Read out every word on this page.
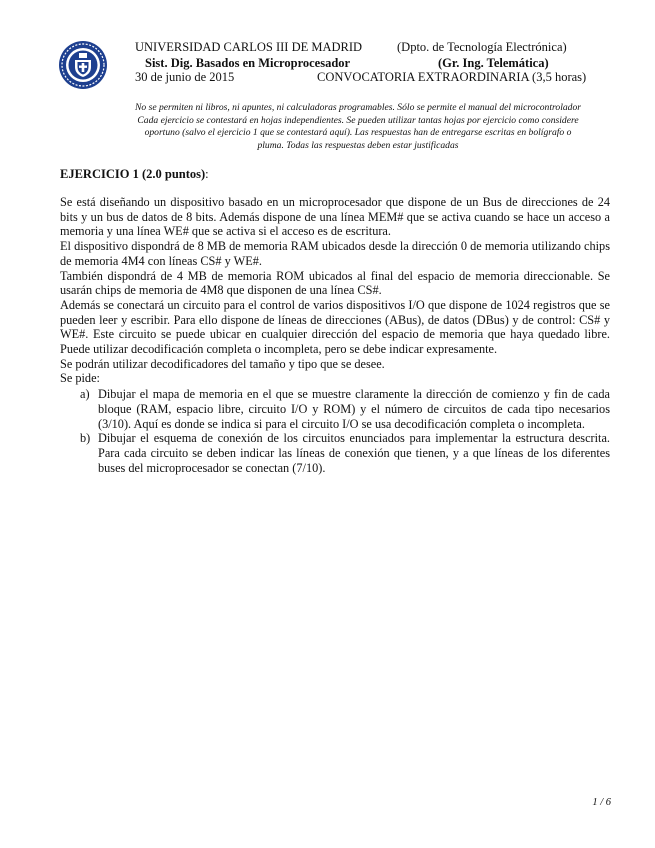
UNIVERSIDAD CARLOS III DE MADRID	(Dpto. de Tecnología Electrónica)
Sist. Dig. Basados en Microprocesador	(Gr. Ing. Telemática)
30 de junio de 2015	CONVOCATORIA EXTRAORDINARIA (3,5 horas)
No se permiten ni libros, ni apuntes, ni calculadoras programables. Sólo se permite el manual del microcontrolador
Cada ejercicio se contestará en hojas independientes. Se pueden utilizar tantas hojas por ejercicio como considere
oportuno (salvo el ejercicio 1 que se contestará aquí). Las respuestas han de entregarse escritas en bolígrafo o
pluma. Todas las respuestas deben estar justificadas
EJERCICIO 1 (2.0 puntos):

Se está diseñando un dispositivo basado en un microprocesador que dispone de un Bus de direcciones de 24 bits y un bus de datos de 8 bits. Además dispone de una línea MEM# que se activa cuando se hace un acceso a memoria y una línea WE# que se activa si el acceso es de escritura.

El dispositivo dispondrá de 8 MB de memoria RAM ubicados desde la dirección 0 de memoria utilizando chips de memoria 4M4 con líneas CS# y WE#.

También dispondrá de 4 MB de memoria ROM ubicados al final del espacio de memoria direccionable. Se usarán chips de memoria de 4M8 que disponen de una línea CS#.

Además se conectará un circuito para el control de varios dispositivos I/O que dispone de 1024 registros que se pueden leer y escribir. Para ello dispone de líneas de direcciones (ABus), de datos (DBus) y de control: CS# y WE#. Este circuito se puede ubicar en cualquier dirección del espacio de memoria que haya quedado libre. Puede utilizar decodificación completa o incompleta, pero se debe indicar expresamente.

Se podrán utilizar decodificadores del tamaño y tipo que se desee.

Se pide:

a) Dibujar el mapa de memoria en el que se muestre claramente la dirección de comienzo y fin de cada bloque (RAM, espacio libre, circuito I/O y ROM) y el número de circuitos de cada tipo necesarios (3/10). Aquí es donde se indica si para el circuito I/O se usa decodificación completa o incompleta.
b) Dibujar el esquema de conexión de los circuitos enunciados para implementar la estructura descrita. Para cada circuito se deben indicar las líneas de conexión que tienen, y a que líneas de los diferentes buses del microprocesador se conectan (7/10).
1 / 6
